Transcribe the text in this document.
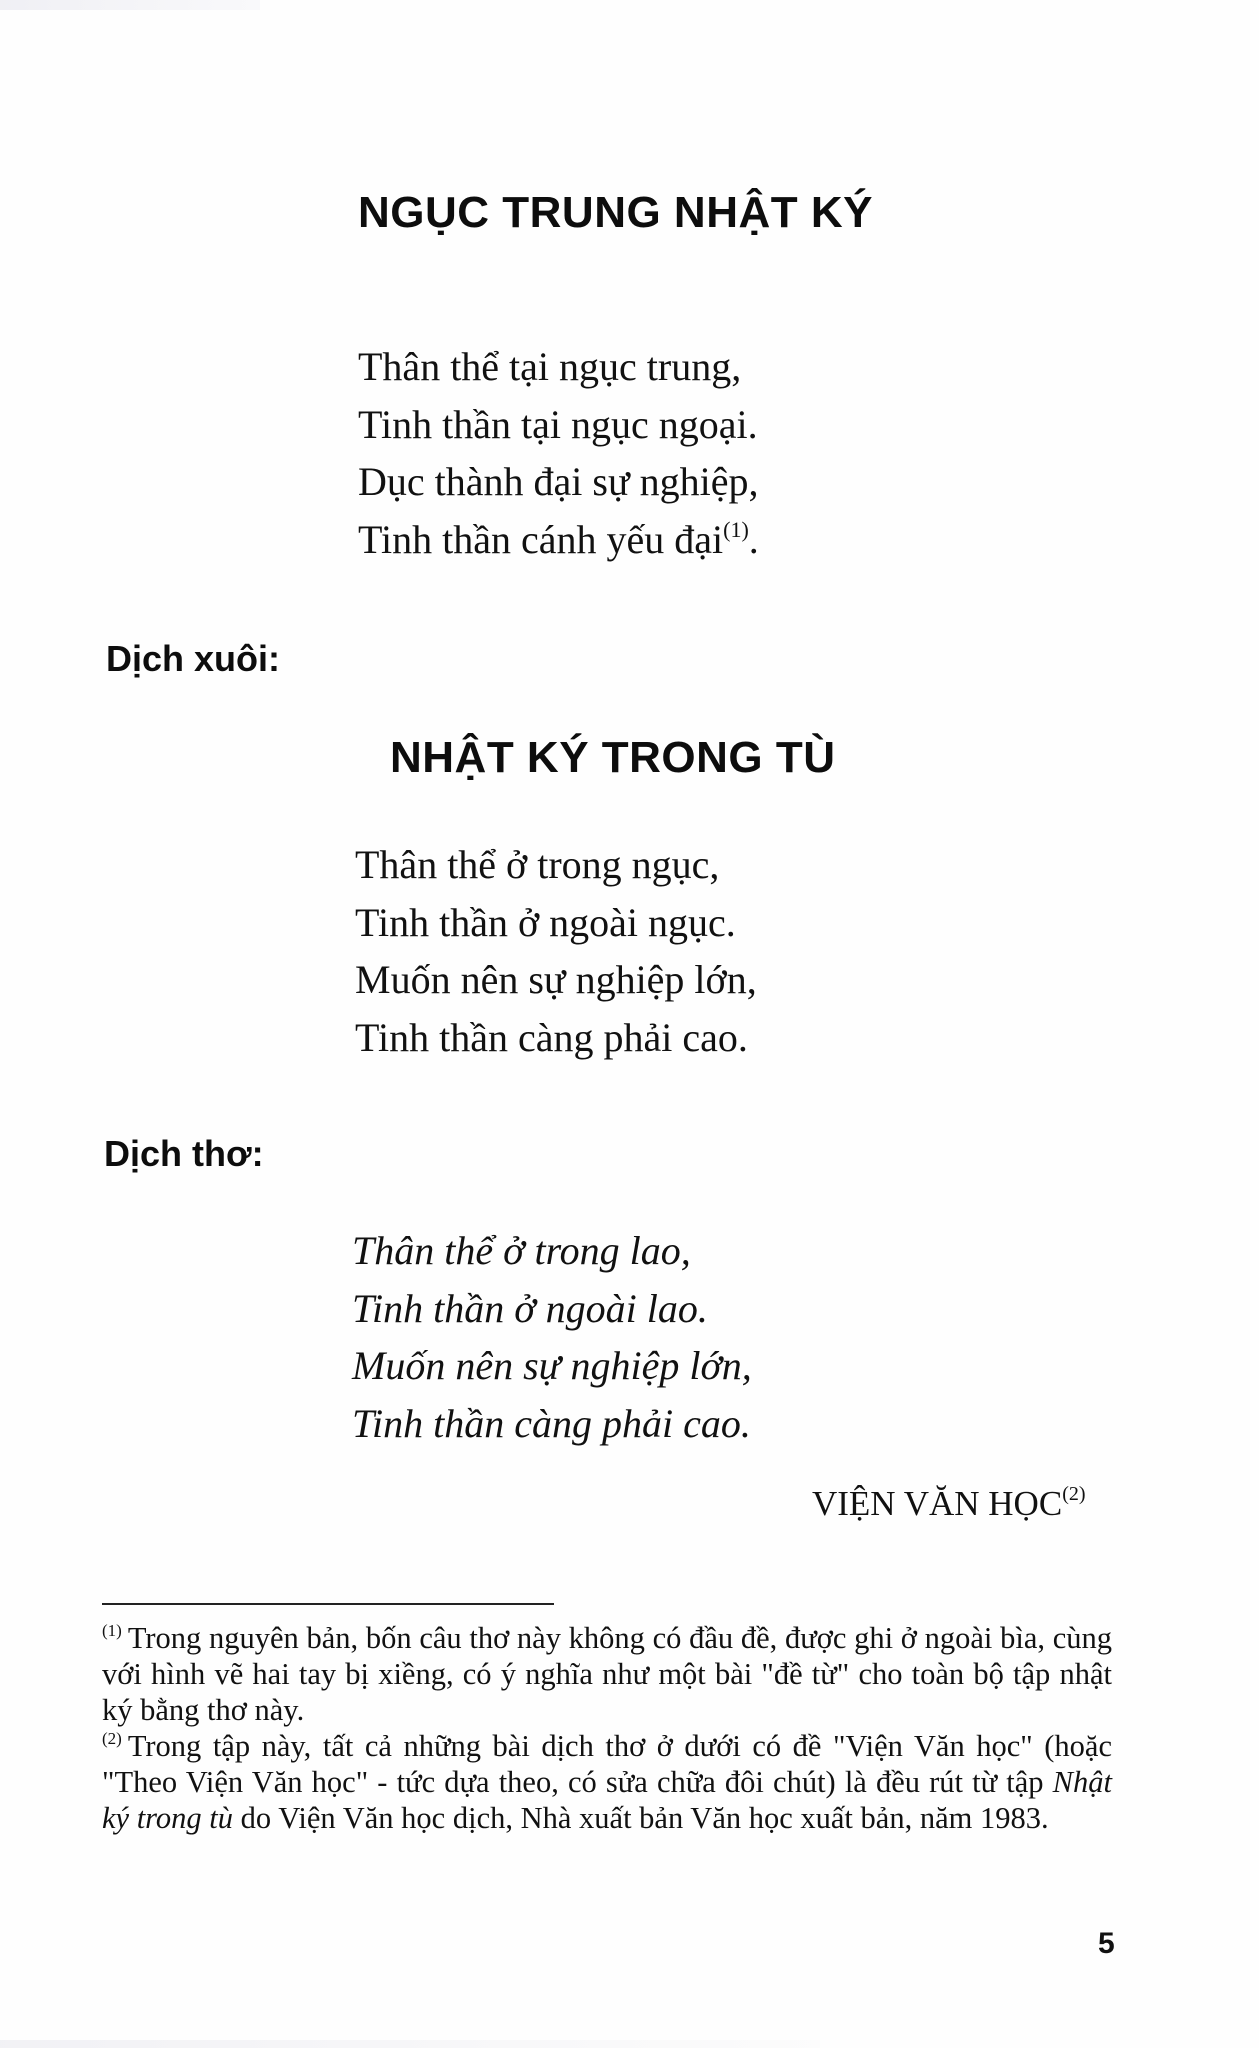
NGỤC TRUNG NHẬT KÝ
Thân thể tại ngục trung,
Tinh thần tại ngục ngoại.
Dục thành đại sự nghiệp,
Tinh thần cánh yếu đại$^{(1)}$.
Dịch xuôi:
NHẬT KÝ TRONG TÙ
Thân thể ở trong ngục,
Tinh thần ở ngoài ngục.
Muốn nên sự nghiệp lớn,
Tinh thần càng phải cao.
Dịch thơ:
Thân thể ở trong lao,
Tinh thần ở ngoài lao.
Muốn nên sự nghiệp lớn,
Tinh thần càng phải cao.
VIỆN VĂN HỌC$^{(2)}$
$^{(1)}$ Trong nguyên bản, bốn câu thơ này không có đầu đề, được ghi ở ngoài bìa, cùng với hình vẽ hai tay bị xiềng, có ý nghĩa như một bài "đề từ" cho toàn bộ tập nhật ký bằng thơ này.
$^{(2)}$ Trong tập này, tất cả những bài dịch thơ ở dưới có đề "Viện Văn học" (hoặc "Theo Viện Văn học" - tức dựa theo, có sửa chữa đôi chút) là đều rút từ tập Nhật ký trong tù do Viện Văn học dịch, Nhà xuất bản Văn học xuất bản, năm 1983.
5
